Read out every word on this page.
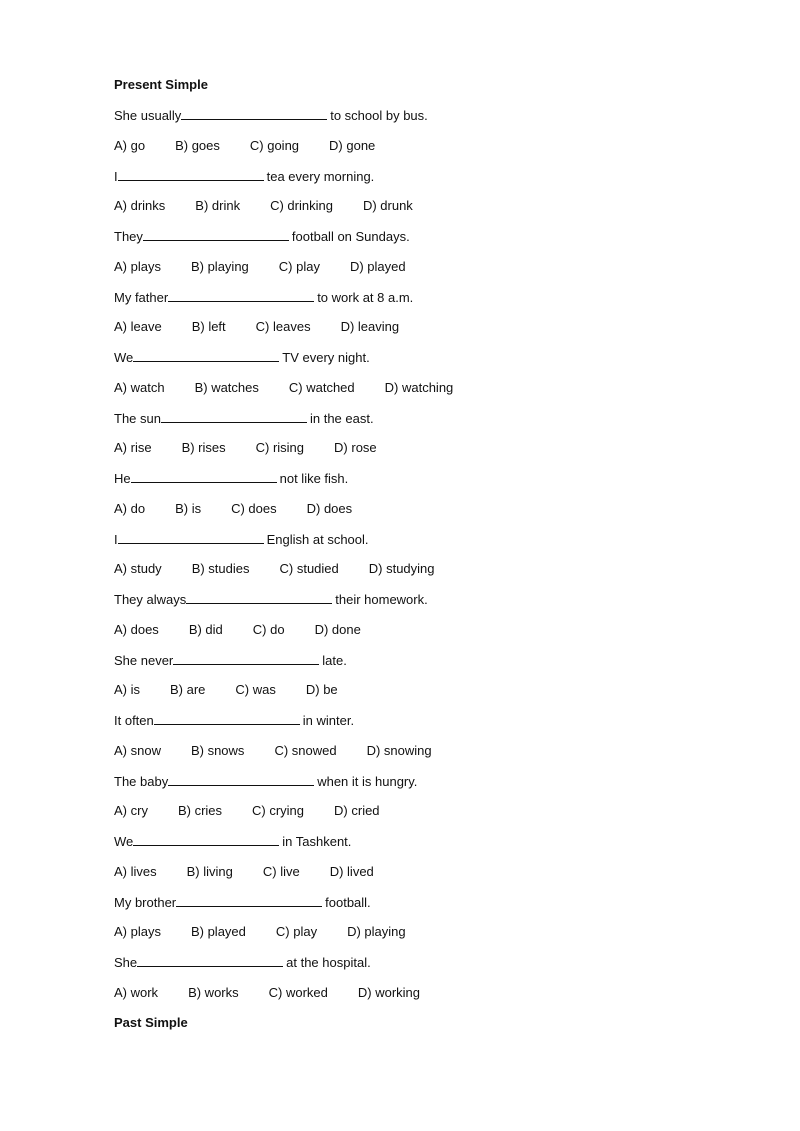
Present Simple
She usually	to school by bus.
A) go B) goes C) going D) gone
I	tea every morning.
A) drinks B) drink C) drinking D) drunk
They	football on Sundays.
A) plays B) playing C) play D) played
My father	to work at 8 a.m.
A) leave B) left C) leaves D) leaving
We	TV every night.
A) watch B) watches C) watched D) watching
The sun	in the east.
A) rise B) rises C) rising D) rose
He	not like fish.
A) do B) is C) does D) does
I	English at school.
A) study B) studies C) studied D) studying
They always	their homework.
A) does B) did C) do D) done
She never	late.
A) is B) are C) was D) be
It often	in winter.
A) snow B) snows C) snowed D) snowing
The baby	when it is hungry.
A) cry B) cries C) crying D) cried
We	in Tashkent.
A) lives B) living C) live D) lived
My brother	football.
A) plays B) played C) play D) playing
She	at the hospital.
A) work B) works C) worked D) working
Past Simple
